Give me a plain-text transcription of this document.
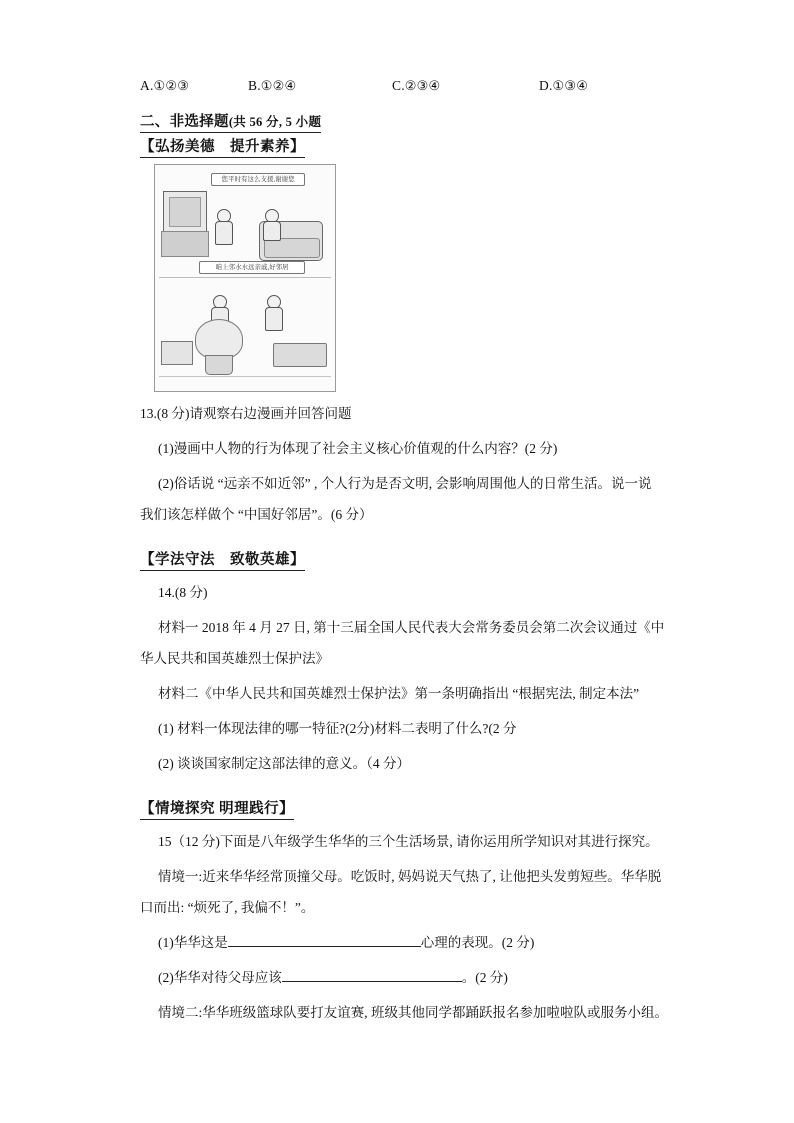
A.①②③	B.①②④	C.②③④	D.①③④
二、非选择题(共 56 分, 5 小题
【弘扬美德　提升素养】
您平时有这么支援,谢谢您
咱上邻水水远亲戚,好邻居

13.(8 分)请观察右边漫画并回答问题

(1)漫画中人物的行为体现了社会主义核心价值观的什么内容？(2 分)

(2)俗话说 “远亲不如近邻” , 个人行为是否文明, 会影响周围他人的日常生活。说一说

我们该怎样做个 “中国好邻居”。(6 分）

【学法守法　致敬英雄】

14.(8 分)

材料一 2018 年 4 月 27 日, 第十三届全国人民代表大会常务委员会第二次会议通过《中

华人民共和国英雄烈士保护法》

材料二《中华人民共和国英雄烈士保护法》第一条明确指出 “根据宪法, 制定本法”

(1) 材料一体现法律的哪一特征?(2分)材料二表明了什么?(2 分

(2) 谈谈国家制定这部法律的意义。（4 分）

【情境探究 明理践行】

15（12 分)下面是八年级学生华华的三个生活场景, 请你运用所学知识对其进行探究。

情境一:近来华华经常顶撞父母。吃饭时, 妈妈说天气热了, 让他把头发剪短些。华华脱

口而出: “烦死了, 我偏不！”。

(1)华华这是	心理的表现。(2 分)

(2)华华对待父母应该	。(2 分)

情境二:华华班级篮球队要打友谊赛, 班级其他同学都踊跃报名参加啦啦队或服务小组。
